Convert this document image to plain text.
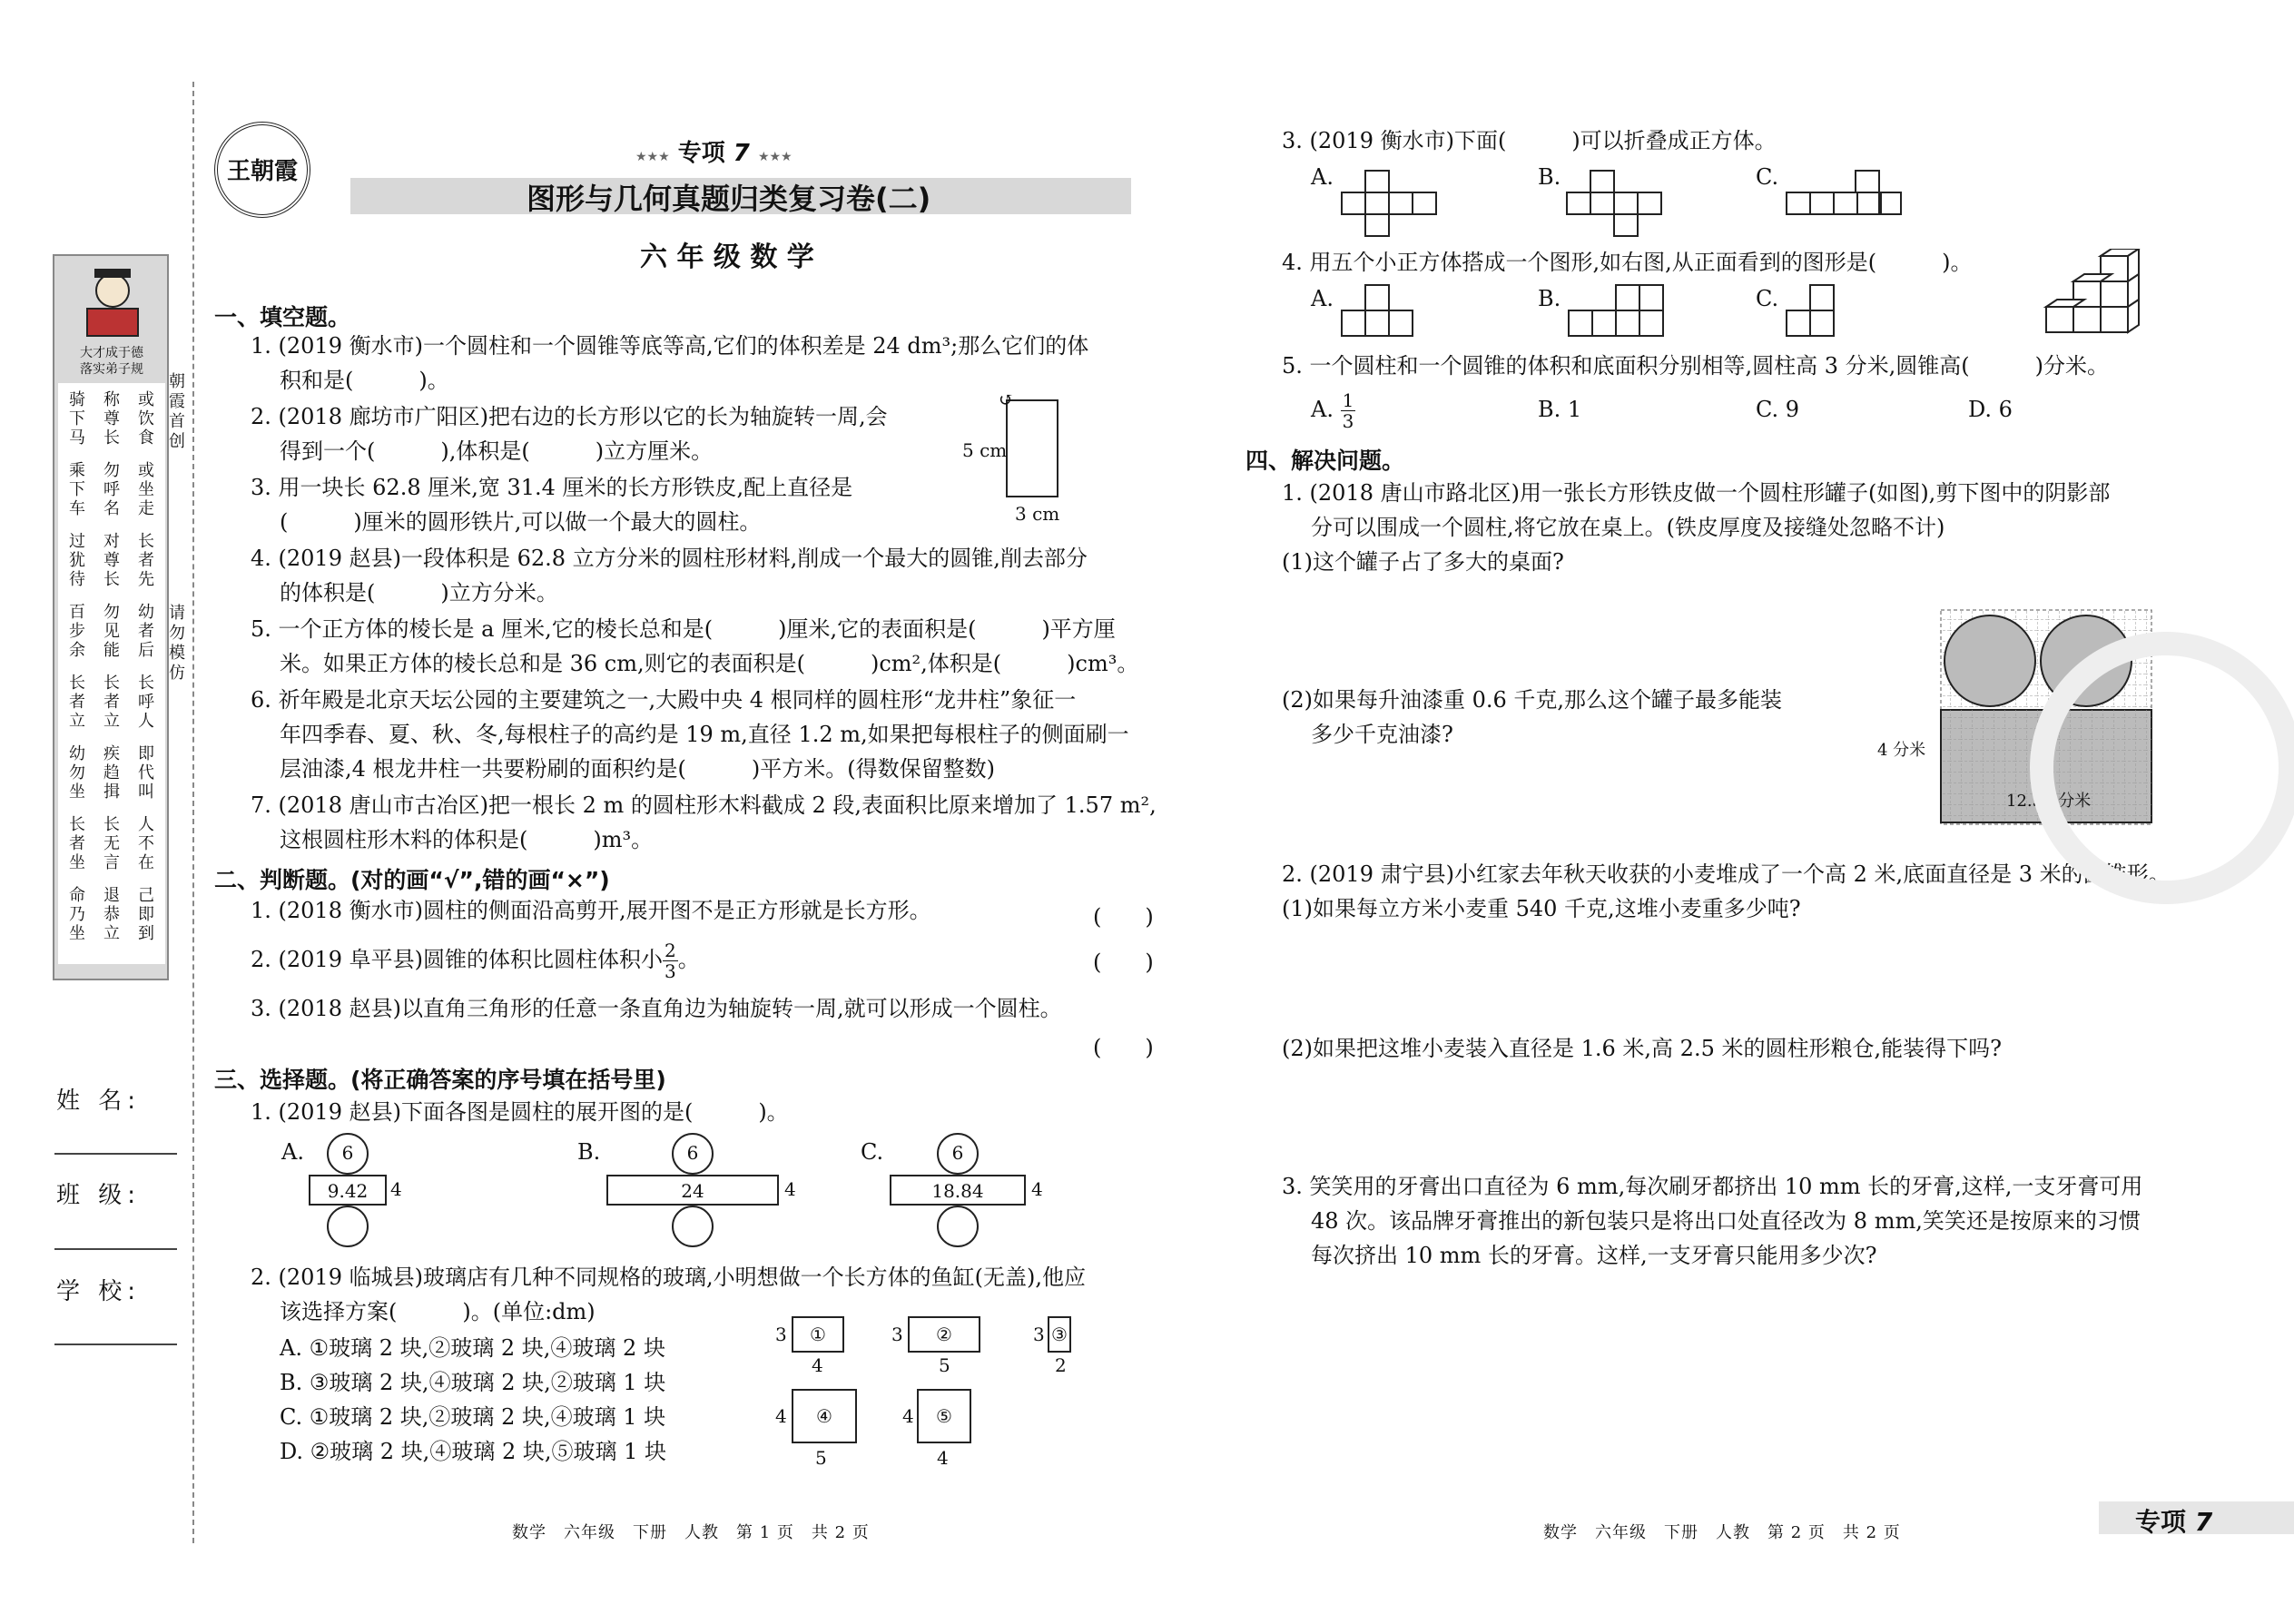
朝霞首创
请勿模仿
大才成于德
落实弟子规
骑下马
称尊长
或饮食
乘下车
勿呼名
或坐走
过犹待
对尊长
长者先
百步余
勿见能
幼者后
长者立
长者立
长呼人
幼勿坐
疾趋揖
即代叫
长者坐
长无言
人不在
命乃坐
退恭立
己即到
姓 名:
班 级:
学 校:
王朝霞
★★★ 专项 7 ★★★
图形与几何真题归类复习卷(二)
六 年 级 数 学
一、填空题。
1. (2019 衡水市)一个圆柱和一个圆锥等底等高,它们的体积差是 24 dm³;那么它们的体
积和是(　　　)。
2. (2018 廊坊市广阳区)把右边的长方形以它的长为轴旋转一周,会
得到一个(　　　),体积是(　　　)立方厘米。
3. 用一块长 62.8 厘米,宽 31.4 厘米的长方形铁皮,配上直径是
(　　　)厘米的圆形铁片,可以做一个最大的圆柱。
↺
5 cm
3 cm
4. (2019 赵县)一段体积是 62.8 立方分米的圆柱形材料,削成一个最大的圆锥,削去部分
的体积是(　　　)立方分米。
5. 一个正方体的棱长是 a 厘米,它的棱长总和是(　　　)厘米,它的表面积是(　　　)平方厘
米。如果正方体的棱长总和是 36 cm,则它的表面积是(　　　)cm²,体积是(　　　)cm³。
6. 祈年殿是北京天坛公园的主要建筑之一,大殿中央 4 根同样的圆柱形“龙井柱”象征一
年四季春、夏、秋、冬,每根柱子的高约是 19 m,直径 1.2 m,如果把每根柱子的侧面刷一
层油漆,4 根龙井柱一共要粉刷的面积约是(　　　)平方米。(得数保留整数)
7. (2018 唐山市古冶区)把一根长 2 m 的圆柱形木料截成 2 段,表面积比原来增加了 1.57 m²,
这根圆柱形木料的体积是(　　　)m³。
二、判断题。(对的画“√”,错的画“×”)
1. (2018 衡水市)圆柱的侧面沿高剪开,展开图不是正方形就是长方形。	(　　)
2. (2019 阜平县)圆锥的体积比圆柱体积小 $\frac{2}{3}$ 。	(　　)
3. (2018 赵县)以直角三角形的任意一条直角边为轴旋转一周,就可以形成一个圆柱。
(　　)
三、选择题。(将正确答案的序号填在括号里)
1. (2019 赵县)下面各图是圆柱的展开图的是(　　　)。
A.	6
9.42	4
B.	6
24	4
C.	6
18.84	4
2. (2019 临城县)玻璃店有几种不同规格的玻璃,小明想做一个长方体的鱼缸(无盖),他应
该选择方案(　　　)。(单位:dm)
A. ①玻璃 2 块,②玻璃 2 块,④玻璃 2 块
B. ③玻璃 2 块,④玻璃 2 块,②玻璃 1 块
C. ①玻璃 2 块,②玻璃 2 块,④玻璃 1 块
D. ②玻璃 2 块,④玻璃 2 块,⑤玻璃 1 块
①
3
4
②
3
5
③
3
2
④
4
5
⑤
4
4
3. (2019 衡水市)下面(　　　)可以折叠成正方体。
A.	B.	C.
4. 用五个小正方体搭成一个图形,如右图,从正面看到的图形是(　　　)。
A.	B.	C.
5. 一个圆柱和一个圆锥的体积和底面积分别相等,圆柱高 3 分米,圆锥高(　　　)分米。
A. $\frac{1}{3}$	B. 1	C. 9	D. 6
四、解决问题。
1. (2018 唐山市路北区)用一张长方形铁皮做一个圆柱形罐子(如图),剪下图中的阴影部
分可以围成一个圆柱,将它放在桌上。(铁皮厚度及接缝处忽略不计)
(1)这个罐子占了多大的桌面?
(2)如果每升油漆重 0.6 千克,那么这个罐子最多能装
多少千克油漆?
4 分米
12.56 分米
2. (2019 肃宁县)小红家去年秋天收获的小麦堆成了一个高 2 米,底面直径是 3 米的圆锥形。
(1)如果每立方米小麦重 540 千克,这堆小麦重多少吨?
(2)如果把这堆小麦装入直径是 1.6 米,高 2.5 米的圆柱形粮仓,能装得下吗?
3. 笑笑用的牙膏出口直径为 6 mm,每次刷牙都挤出 10 mm 长的牙膏,这样,一支牙膏可用
48 次。该品牌牙膏推出的新包装只是将出口处直径改为 8 mm,笑笑还是按原来的习惯
每次挤出 10 mm 长的牙膏。这样,一支牙膏只能用多少次?
数学　六年级　下册　人教　第 1 页　共 2 页	数学　六年级　下册　人教　第 2 页　共 2 页	专项 7
